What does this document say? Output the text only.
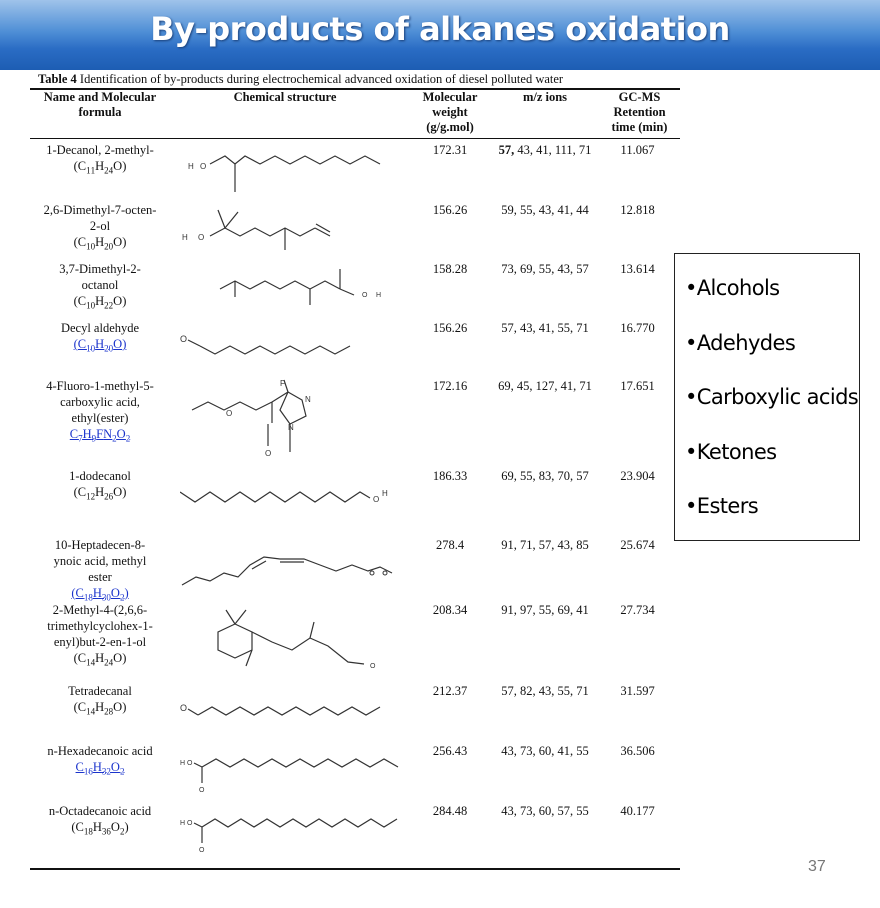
By-products of alkanes oxidation
Table 4 Identification of by-products during electrochemical advanced oxidation of diesel polluted water
Name and Molecular
formula
Chemical structure	Molecular
weight
(g/g.mol)
m/z ions	GC-MS
Retention
time (min)
1-Decanol, 2-methyl-
$(C_{11}H_{24}O)$	H O
172.31	57, 43, 41, 111, 71	11.067
2,6-Dimethyl-7-octen-
2-ol
$(C_{10}H_{20}O)$	H O
156.26	59, 55, 43, 41, 44	12.818
3,7-Dimethyl-2-
octanol
$(C_{10}H_{22}O)$	O H
158.28	73, 69, 55, 43, 57	13.614
Decyl aldehyde
$(C_{10}H_{20}O)$	O
156.26	57, 43, 41, 55, 71	16.770
4-Fluoro-1-methyl-5-
carboxylic acid,
ethyl(ester)
$C_7H_9FN_2O_2$
O
O
F
N
N
172.16	69, 45, 127, 41, 71	17.651
1-dodecanol
$(C_{12}H_{26}O)$
O
H
186.33	69, 55, 83, 70, 57	23.904
10-Heptadecen-8-
ynoic acid, methyl
ester
$(C_{18}H_{30}O_2)$
278.4	91, 71, 57, 43, 85	25.674
2-Methyl-4-(2,6,6-
trimethylcyclohex-1-
enyl)but-2-en-1-ol
$(C_{14}H_{24}O)$
O
208.34	91, 97, 55, 69, 41	27.734
Tetradecanal
$(C_{14}H_{28}O)$	O
212.37	57, 82, 43, 55, 71	31.597
n-Hexadecanoic acid
$C_{16}H_{32}O_2$
H O
O
256.43	43, 73, 60, 41, 55	36.506
n-Octadecanoic acid
$(C_{18}H_{36}O_2)$	H O
O
284.48	43, 73, 60, 57, 55	40.177
•Alcohols
•Adehydes
•Carboxylic acids
•Ketones
•Esters
37
